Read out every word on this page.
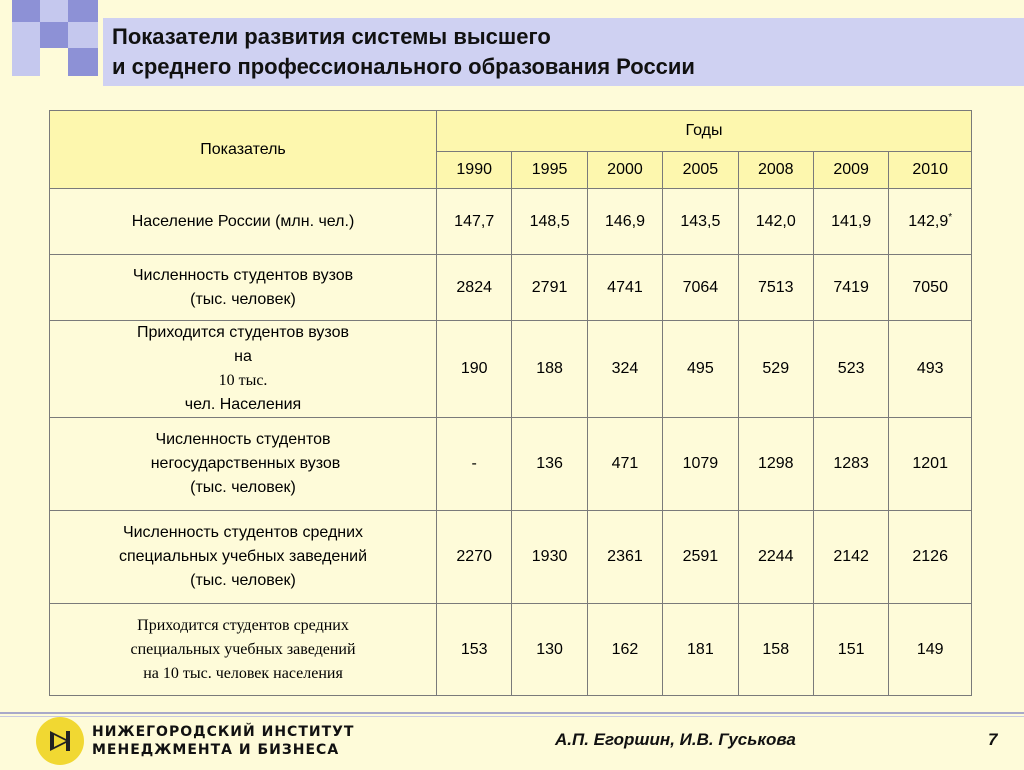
Показатели развития системы высшего
и среднего профессионального образования России
Показатель	Годы						
	1990	1995	2000	2005	2008	2009	2010

Население России (млн. чел.)	147,7	148,5	146,9	143,5	142,0	141,9	142,9*

Численность студентов вузов
(тыс. человек)	2824	2791	4741	7064	7513	7419	7050

Приходится студентов вузов
на
10 тыс.
чел. Населения	190	188	324	495	529	523	493

Численность студентов
негосударственных вузов
(тыс. человек)	-	136	471	1079	1298	1283	1201

Численность студентов средних
специальных учебных заведений
(тыс. человек)	2270	1930	2361	2591	2244	2142	2126

Приходится студентов средних
специальных учебных заведений
на 10 тыс. человек населения	153	130	162	181	158	151	149
НИЖЕГОРОДСКИЙ ИНСТИТУТ
МЕНЕДЖМЕНТА И БИЗНЕСА
А.П. Егоршин, И.В. Гуськова	7
